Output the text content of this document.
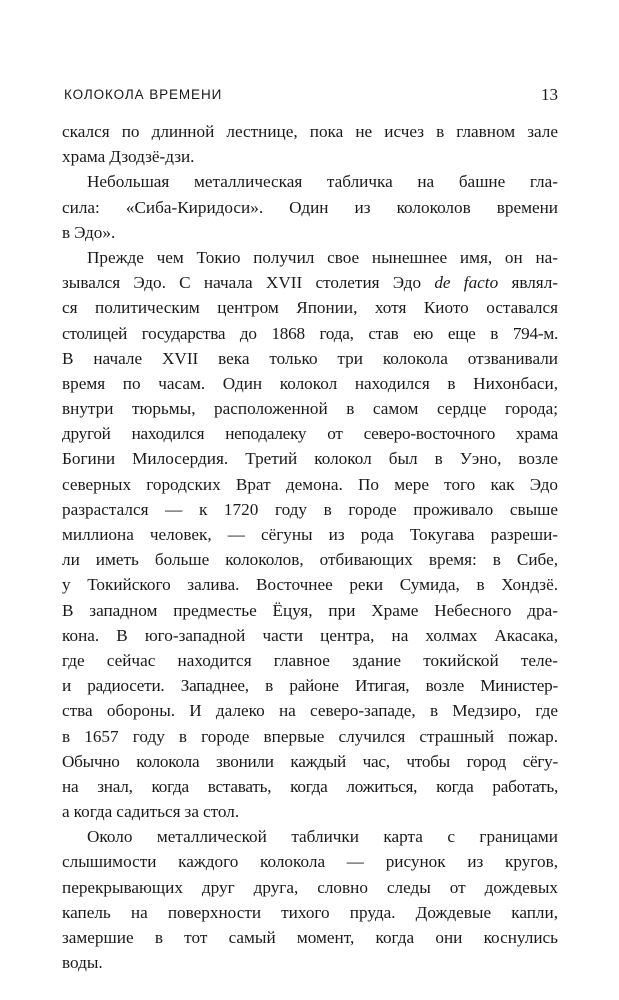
КОЛОКОЛА ВРЕМЕНИ	13
скался по длинной лестнице, пока не исчез в главном зале
храма Дзодзё-дзи.
Небольшая металлическая табличка на башне гла-
сила: «Сиба-Киридоси». Один из колоколов времени
в Эдо».
Прежде чем Токио получил свое нынешнее имя, он на-
зывался Эдо. С начала XVII столетия Эдо de facto являл-
ся политическим центром Японии, хотя Киото оставался
столицей государства до 1868 года, став ею еще в 794-м.
В начале XVII века только три колокола отзванивали
время по часам. Один колокол находился в Нихонбаси,
внутри тюрьмы, расположенной в самом сердце города;
другой находился неподалеку от северо-восточного храма
Богини Милосердия. Третий колокол был в Уэно, возле
северных городских Врат демона. По мере того как Эдо
разрастался — к 1720 году в городе проживало свыше
миллиона человек, — сёгуны из рода Токугава разреши-
ли иметь больше колоколов, отбивающих время: в Сибе,
у Токийского залива. Восточнее реки Сумида, в Хондзё.
В западном предместье Ёцуя, при Храме Небесного дра-
кона. В юго-западной части центра, на холмах Акасака,
где сейчас находится главное здание токийской теле-
и радиосети. Западнее, в районе Итигая, возле Министер-
ства обороны. И далеко на северо-западе, в Медзиро, где
в 1657 году в городе впервые случился страшный пожар.
Обычно колокола звонили каждый час, чтобы город сёгу-
на знал, когда вставать, когда ложиться, когда работать,
а когда садиться за стол.
Около металлической таблички карта с границами
слышимости каждого колокола — рисунок из кругов,
перекрывающих друг друга, словно следы от дождевых
капель на поверхности тихого пруда. Дождевые капли,
замершие в тот самый момент, когда они коснулись
воды.
